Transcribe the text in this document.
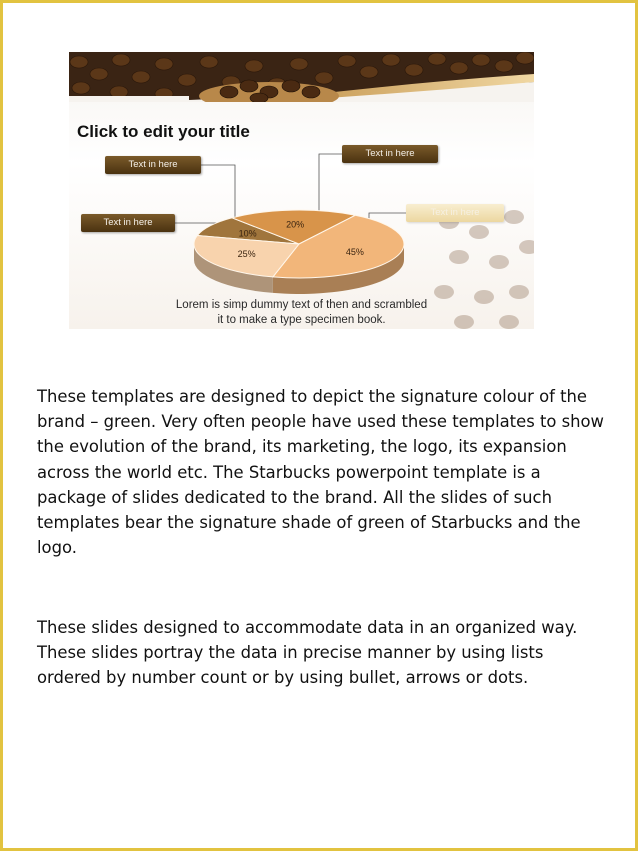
Click to edit your title
10%
20%
45%
25%
Text in here
Text in here
Text in here
Text in here
Lorem is simp dummy text of then and scrambled
it to make a type specimen book.
These templates are designed to depict the signature colour of the brand – green. Very often people have used these templates to show the evolution of the brand, its marketing, the logo, its expansion across the world etc. The Starbucks powerpoint template is a package of slides dedicated to the brand. All the slides of such templates bear the signature shade of green of Starbucks and the logo.
These slides designed to accommodate data in an organized way. These slides portray the data in precise manner by using lists ordered by number count or by using bullet, arrows or dots.
